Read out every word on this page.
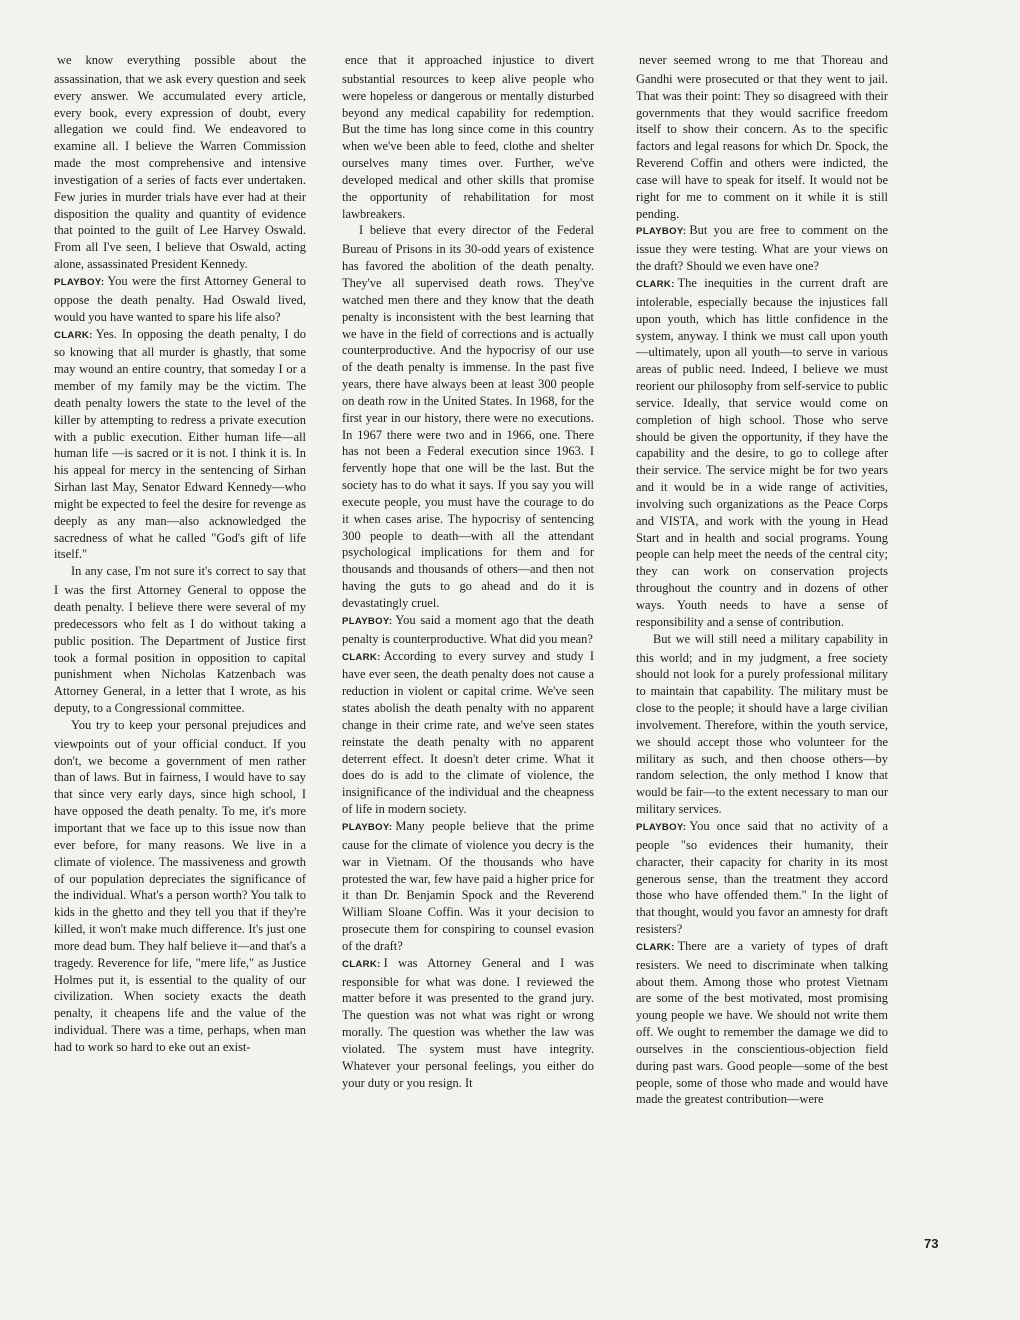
we know everything possible about the assassination, that we ask every question and seek every answer. We accumulated every article, every book, every expression of doubt, every allegation we could find. We endeavored to examine all. I believe the Warren Commission made the most comprehensive and intensive investigation of a series of facts ever undertaken. Few juries in murder trials have ever had at their disposition the quality and quantity of evidence that pointed to the guilt of Lee Harvey Oswald. From all I've seen, I believe that Oswald, acting alone, assassinated President Kennedy.

PLAYBOY: You were the first Attorney General to oppose the death penalty. Had Oswald lived, would you have wanted to spare his life also?

CLARK: Yes. In opposing the death penalty, I do so knowing that all murder is ghastly, that some may wound an entire country, that someday I or a member of my family may be the victim. The death penalty lowers the state to the level of the killer by attempting to redress a private execution with a public execution. Either human life—all human life —is sacred or it is not. I think it is. In his appeal for mercy in the sentencing of Sirhan Sirhan last May, Senator Edward Kennedy—who might be expected to feel the desire for revenge as deeply as any man—also acknowledged the sacredness of what he called "God's gift of life itself."

In any case, I'm not sure it's correct to say that I was the first Attorney General to oppose the death penalty. I believe there were several of my predecessors who felt as I do without taking a public position. The Department of Justice first took a formal position in opposition to capital punishment when Nicholas Katzenbach was Attorney General, in a letter that I wrote, as his deputy, to a Congressional committee.

You try to keep your personal prejudices and viewpoints out of your official conduct. If you don't, we become a government of men rather than of laws. But in fairness, I would have to say that since very early days, since high school, I have opposed the death penalty. To me, it's more important that we face up to this issue now than ever before, for many reasons. We live in a climate of violence. The massiveness and growth of our population depreciates the significance of the individual. What's a person worth? You talk to kids in the ghetto and they tell you that if they're killed, it won't make much difference. It's just one more dead bum. They half believe it—and that's a tragedy. Reverence for life, "mere life," as Justice Holmes put it, is essential to the quality of our civilization. When society exacts the death penalty, it cheapens life and the value of the individual. There was a time, perhaps, when man had to work so hard to eke out an exist-

ence that it approached injustice to divert substantial resources to keep alive people who were hopeless or dangerous or mentally disturbed beyond any medical capability for redemption. But the time has long since come in this country when we've been able to feed, clothe and shelter ourselves many times over. Further, we've developed medical and other skills that promise the opportunity of rehabilitation for most lawbreakers.

I believe that every director of the Federal Bureau of Prisons in its 30-odd years of existence has favored the abolition of the death penalty. They've all supervised death rows. They've watched men there and they know that the death penalty is inconsistent with the best learning that we have in the field of corrections and is actually counterproductive. And the hypocrisy of our use of the death penalty is immense. In the past five years, there have always been at least 300 people on death row in the United States. In 1968, for the first year in our history, there were no executions. In 1967 there were two and in 1966, one. There has not been a Federal execution since 1963. I fervently hope that one will be the last. But the society has to do what it says. If you say you will execute people, you must have the courage to do it when cases arise. The hypocrisy of sentencing 300 people to death—with all the attendant psychological implications for them and for thousands and thousands of others—and then not having the guts to go ahead and do it is devastatingly cruel.

PLAYBOY: You said a moment ago that the death penalty is counterproductive. What did you mean?

CLARK: According to every survey and study I have ever seen, the death penalty does not cause a reduction in violent or capital crime. We've seen states abolish the death penalty with no apparent change in their crime rate, and we've seen states reinstate the death penalty with no apparent deterrent effect. It doesn't deter crime. What it does do is add to the climate of violence, the insignificance of the individual and the cheapness of life in modern society.

PLAYBOY: Many people believe that the prime cause for the climate of violence you decry is the war in Vietnam. Of the thousands who have protested the war, few have paid a higher price for it than Dr. Benjamin Spock and the Reverend William Sloane Coffin. Was it your decision to prosecute them for conspiring to counsel evasion of the draft?

CLARK: I was Attorney General and I was responsible for what was done. I reviewed the matter before it was presented to the grand jury. The question was not what was right or wrong morally. The question was whether the law was violated. The system must have integrity. Whatever your personal feelings, you either do your duty or you resign. It

never seemed wrong to me that Thoreau and Gandhi were prosecuted or that they went to jail. That was their point: They so disagreed with their governments that they would sacrifice freedom itself to show their concern. As to the specific factors and legal reasons for which Dr. Spock, the Reverend Coffin and others were indicted, the case will have to speak for itself. It would not be right for me to comment on it while it is still pending.

PLAYBOY: But you are free to comment on the issue they were testing. What are your views on the draft? Should we even have one?

CLARK: The inequities in the current draft are intolerable, especially because the injustices fall upon youth, which has little confidence in the system, anyway. I think we must call upon youth—ultimately, upon all youth—to serve in various areas of public need. Indeed, I believe we must reorient our philosophy from self-service to public service. Ideally, that service would come on completion of high school. Those who serve should be given the opportunity, if they have the capability and the desire, to go to college after their service. The service might be for two years and it would be in a wide range of activities, involving such organizations as the Peace Corps and VISTA, and work with the young in Head Start and in health and social programs. Young people can help meet the needs of the central city; they can work on conservation projects throughout the country and in dozens of other ways. Youth needs to have a sense of responsibility and a sense of contribution.

But we will still need a military capability in this world; and in my judgment, a free society should not look for a purely professional military to maintain that capability. The military must be close to the people; it should have a large civilian involvement. Therefore, within the youth service, we should accept those who volunteer for the military as such, and then choose others—by random selection, the only method I know that would be fair—to the extent necessary to man our military services.

PLAYBOY: You once said that no activity of a people "so evidences their humanity, their character, their capacity for charity in its most generous sense, than the treatment they accord those who have offended them." In the light of that thought, would you favor an amnesty for draft resisters?

CLARK: There are a variety of types of draft resisters. We need to discriminate when talking about them. Among those who protest Vietnam are some of the best motivated, most promising young people we have. We should not write them off. We ought to remember the damage we did to ourselves in the conscientious-objection field during past wars. Good people—some of the best people, some of those who made and would have made the greatest contribution—were

73
